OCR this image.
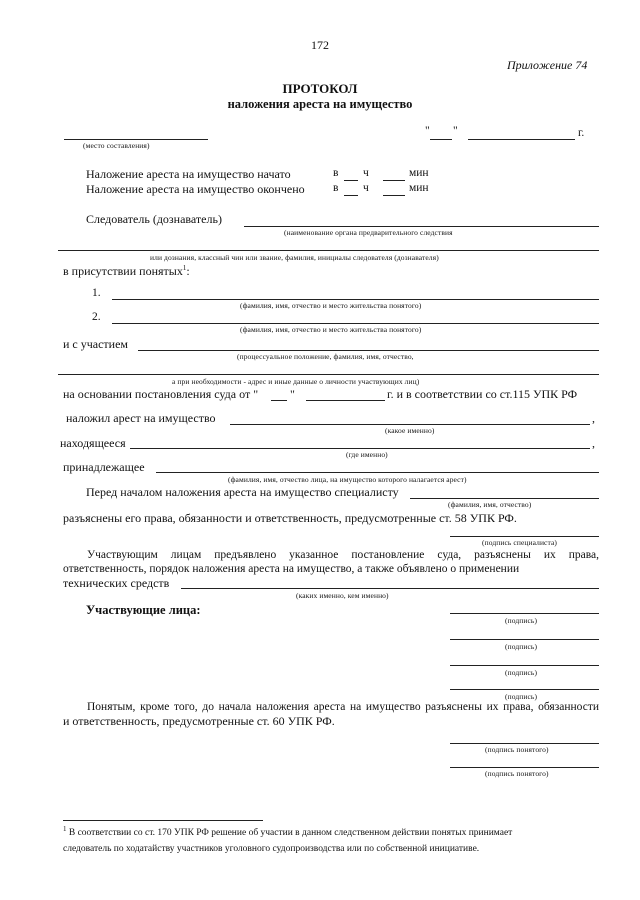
172
Приложение 74
ПРОТОКОЛ
наложения ареста на имущество
(место составления)
" "	г.
Наложение ареста на имущество начато	в ч	мин
Наложение ареста на имущество окончено в ч	мин
Следователь (дознаватель)
(наименование органа предварительного следствия
или дознания, классный чин или звание, фамилия, инициалы следователя (дознавателя)
в присутствии понятых$^1$:
1.
(фамилия, имя, отчество и место жительства понятого)
2.
(фамилия, имя, отчество и место жительства понятого)
и с участием
(процессуальное положение, фамилия, имя, отчество,
а при необходимости - адрес и иные данные о личности участвующих лиц)
на основании постановления суда от "	"	г. и в соответствии со ст.115 УПК РФ
наложил арест на имущество	,
(какое именно)
находящееся	,
(где именно)
принадлежащее
(фамилия, имя, отчество лица, на имущество которого налагается арест)
Перед началом наложения ареста на имущество специалисту
(фамилия, имя, отчество)
разъяснены его права, обязанности и ответственность, предусмотренные ст. 58 УПК РФ.
(подпись специалиста)
Участвующим лицам предъявлено указанное постановление суда, разъяснены их права, ответственность, порядок наложения ареста на имущество, а также объявлено о применении
технических средств
(каких именно, кем именно)
Участвующие лица:
(подпись)
(подпись)
(подпись)
(подпись)
Понятым, кроме того, до начала наложения ареста на имущество разъяснены их права, обязанности
и ответственность, предусмотренные ст. 60 УПК РФ.
(подпись понятого)
(подпись понятого)
$^1$ В соответствии со ст. 170 УПК РФ решение об участии в данном следственном действии понятых принимает
следователь по ходатайству участников уголовного судопроизводства или по собственной инициативе.
